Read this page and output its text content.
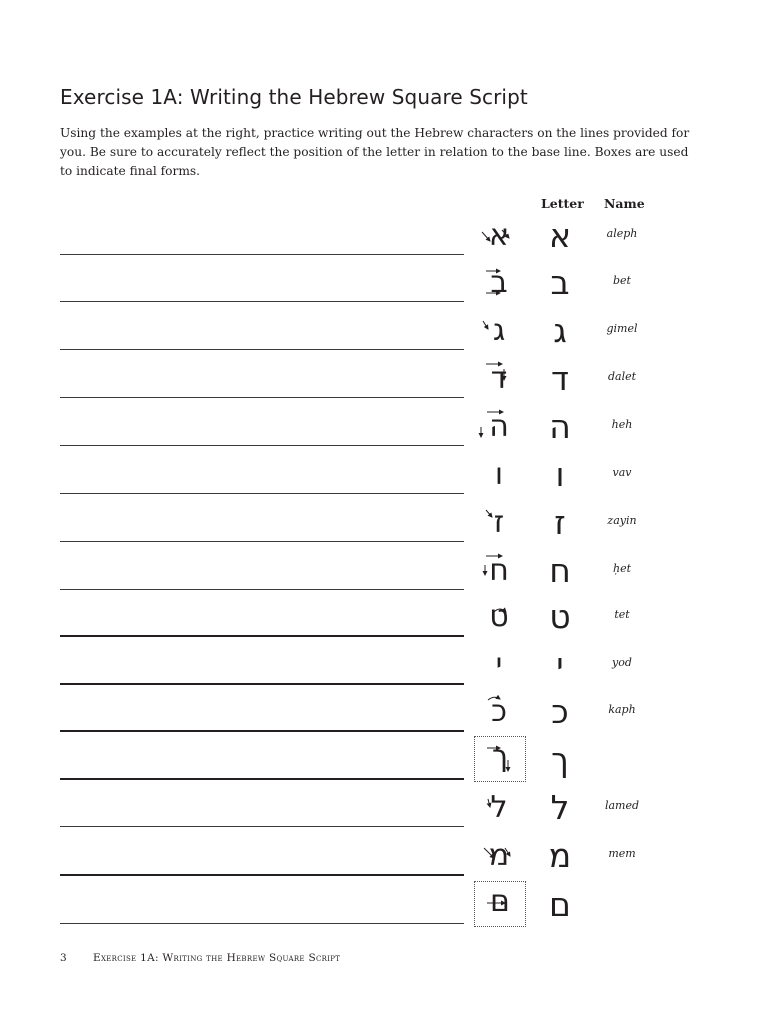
Exercise 1A: Writing the Hebrew Square Script

Using the examples at the right, practice writing out the Hebrew characters on the lines provided for you. Be sure to accurately reflect the position of the letter in relation to the base line. Boxes are used to indicate final forms.

Letter Name
א	א	aleph
ב	ב	bet
ג	ג	gimel
ד	ד	dalet
ה	ה	heh
ו	ו	vav
ז	ז	zayin
ח	ח	ḥet
ט	ט	tet
י	י	yod
כ	כ	kaph
ך	ך
ל	ל	lamed
מ	מ	mem
ם	ם
3	Exercise 1A: Writing the Hebrew Square Script
